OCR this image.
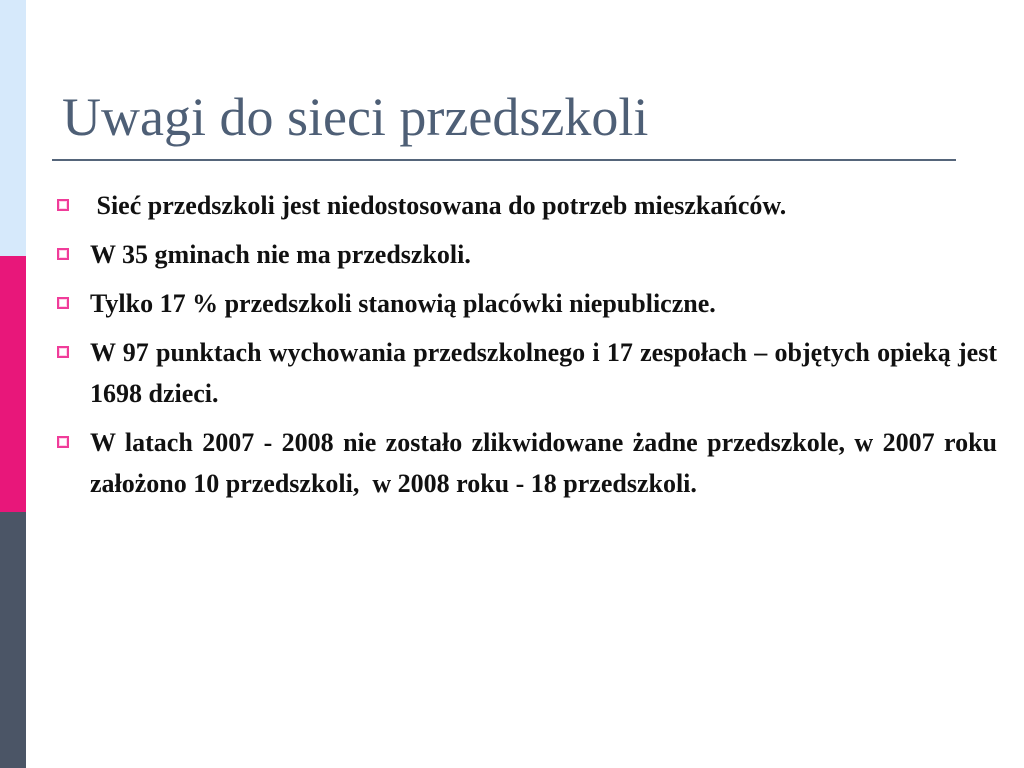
Uwagi do sieci przedszkoli
Sieć przedszkoli jest niedostosowana do potrzeb mieszkańców.
W 35 gminach nie ma przedszkoli.
Tylko 17 % przedszkoli stanowią placówki niepubliczne.
W 97 punktach wychowania przedszkolnego i 17 zespołach – objętych opieką jest 1698 dzieci.
W latach 2007 - 2008 nie zostało zlikwidowane żadne przedszkole, w 2007 roku  założono 10 przedszkoli,  w 2008 roku - 18 przedszkoli.
